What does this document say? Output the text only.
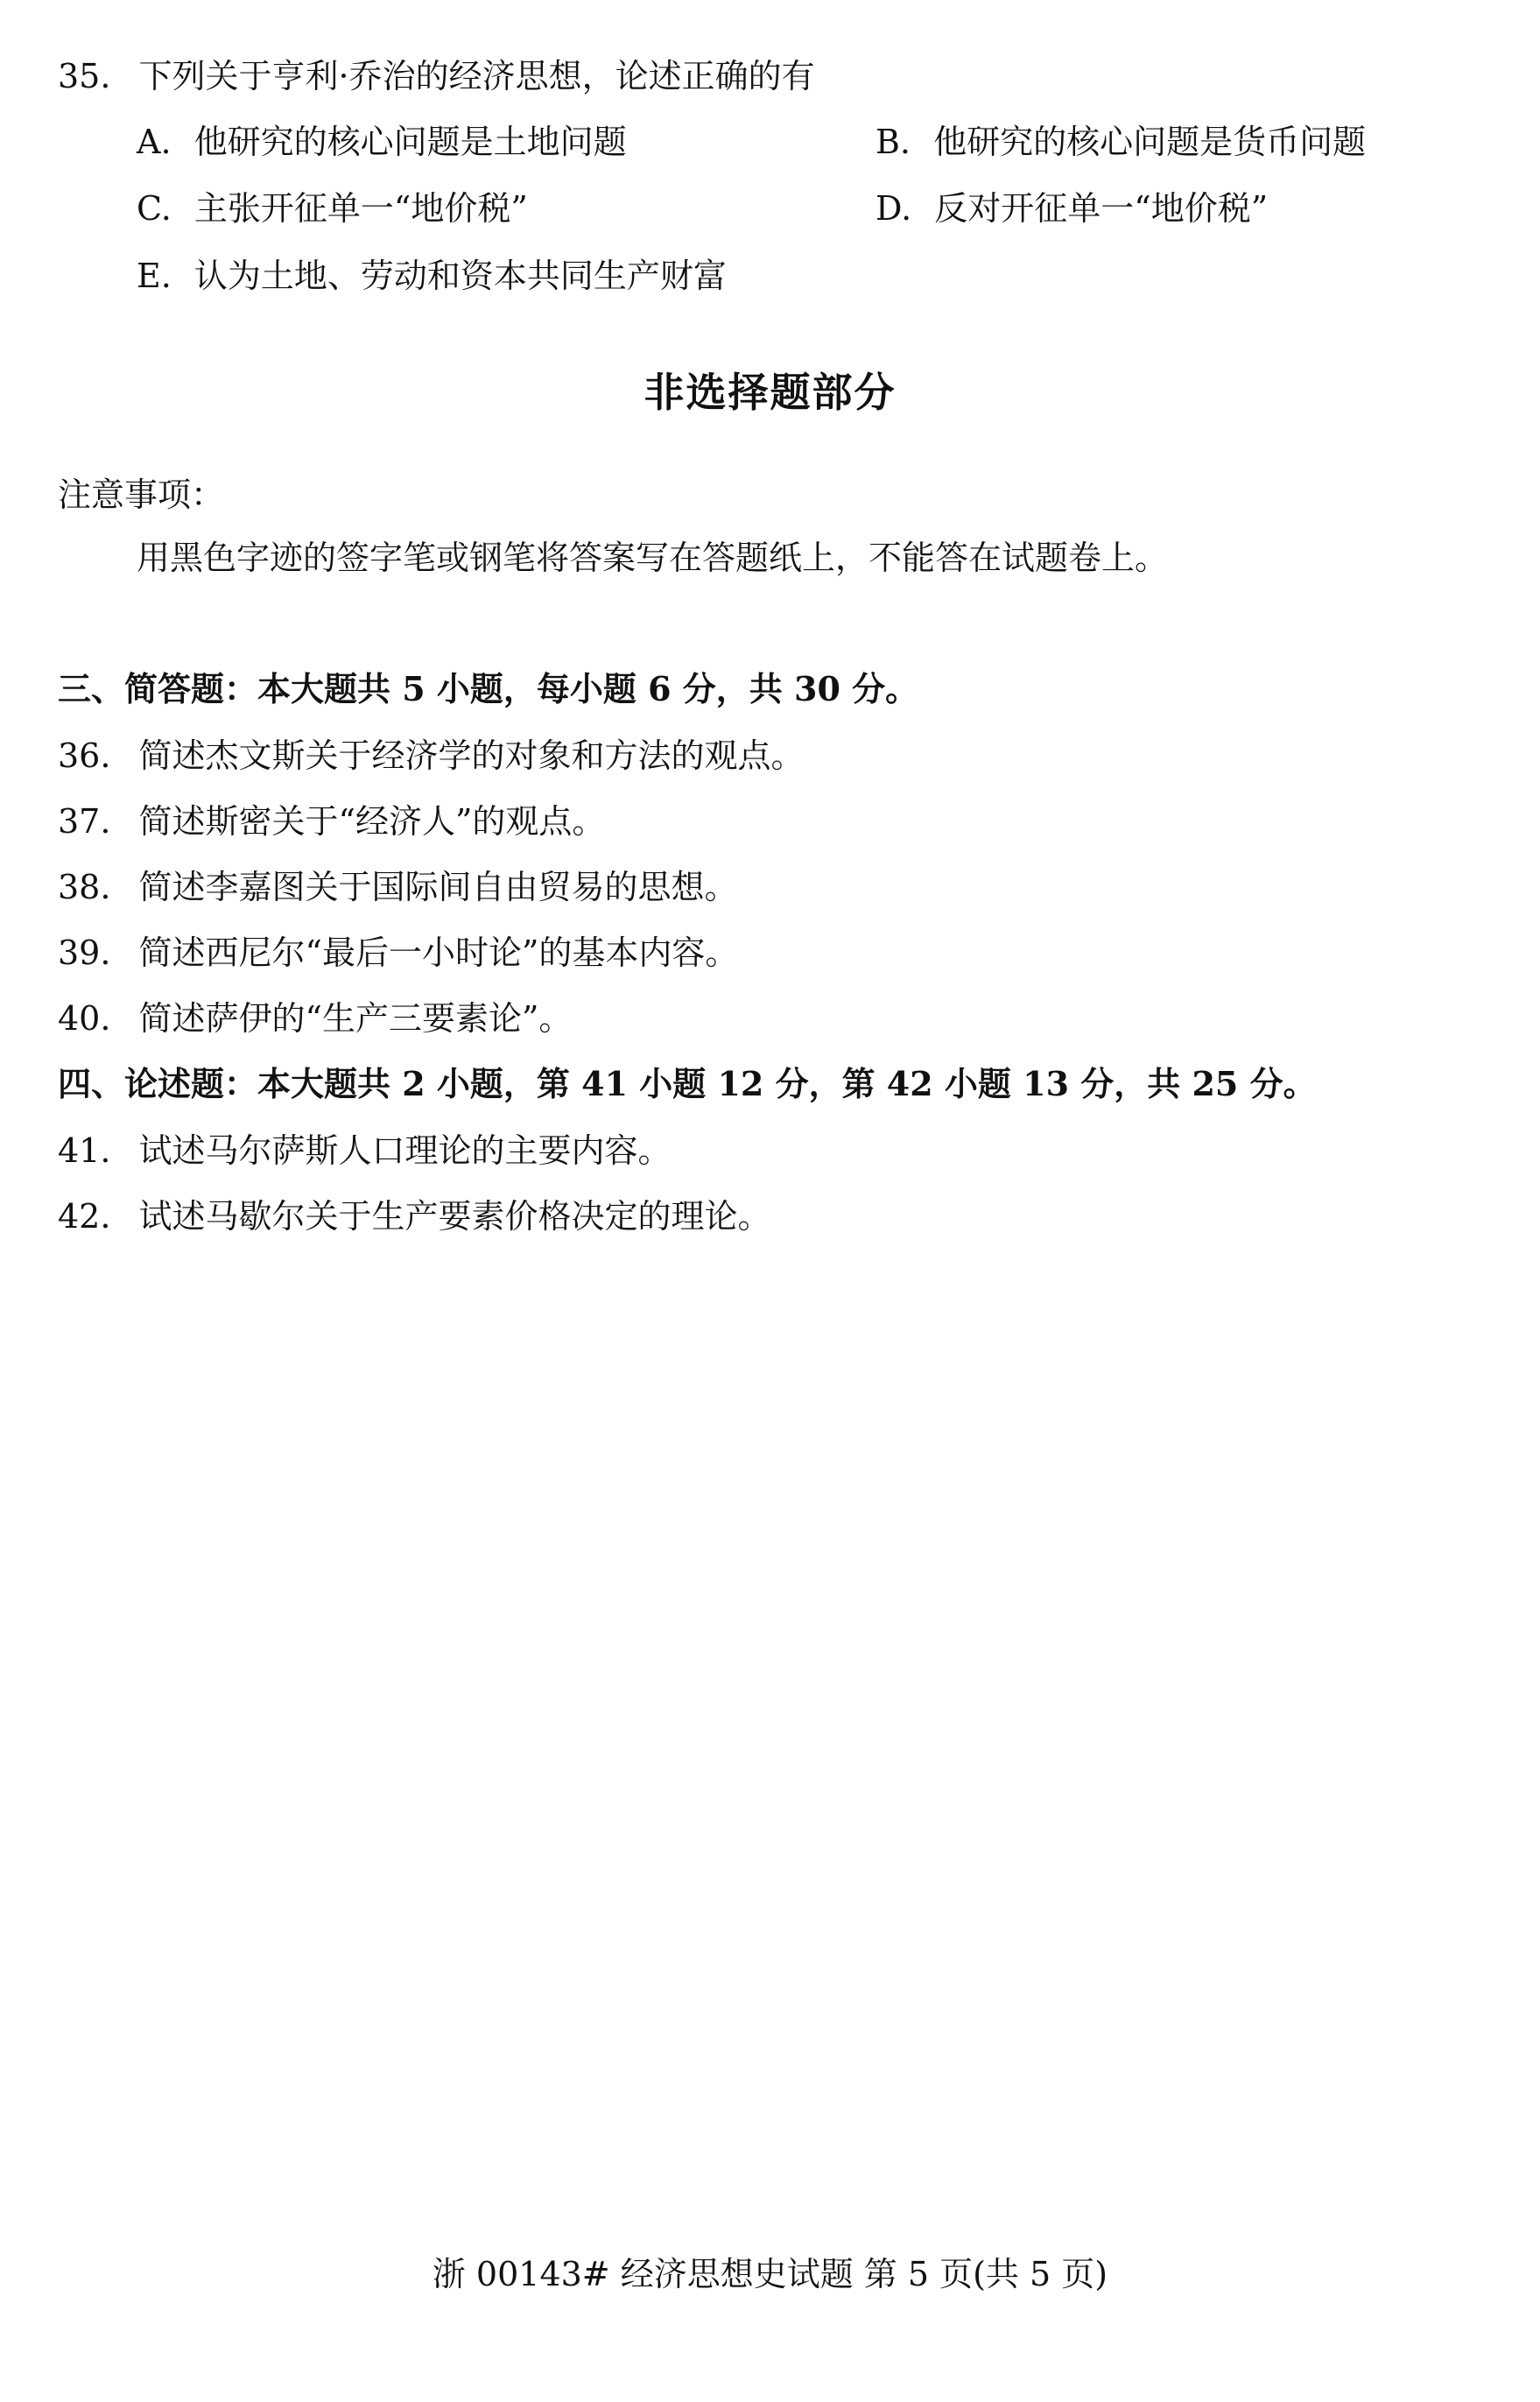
35. 下列关于亨利·乔治的经济思想，论述正确的有
A. 他研究的核心问题是土地问题	B. 他研究的核心问题是货币问题
C. 主张开征单一“地价税”	D. 反对开征单一“地价税”
E. 认为土地、劳动和资本共同生产财富
非选择题部分
注意事项：
用黑色字迹的签字笔或钢笔将答案写在答题纸上，不能答在试题卷上。
三、简答题：本大题共 5 小题，每小题 6 分，共 30 分。
36. 简述杰文斯关于经济学的对象和方法的观点。
37. 简述斯密关于“经济人”的观点。
38. 简述李嘉图关于国际间自由贸易的思想。
39. 简述西尼尔“最后一小时论”的基本内容。
40. 简述萨伊的“生产三要素论”。
四、论述题：本大题共 2 小题，第 41 小题 12 分，第 42 小题 13 分，共 25 分。
41. 试述马尔萨斯人口理论的主要内容。
42. 试述马歇尔关于生产要素价格决定的理论。
浙 00143# 经济思想史试题 第 5 页(共 5 页)
